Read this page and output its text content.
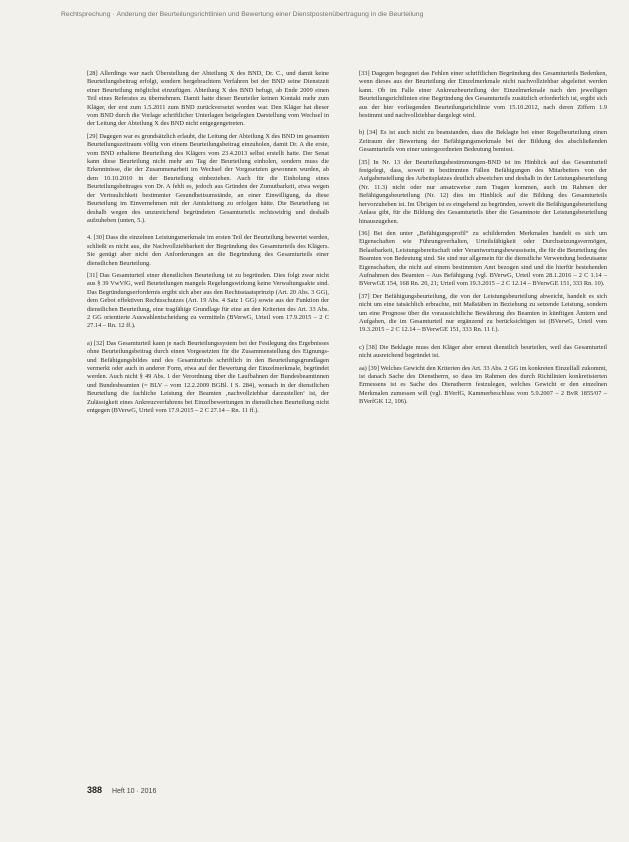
Rechtsprechung · Änderung der Beurteilungsrichtlinien und Bewertung einer Dienstpostenübertragung in die Beurteilung

[28] Allerdings war nach Überstellung der Abteilung X des BND, Dr. C., und damit keine Beurteilungsbeitrag erfolgt, sondern hergebrachtem Verfahren bei der BND seine Dienstzeit einer Beurteilung möglichst einzufügen. Abteilung X des BND befugt, ab Ende 2009 einen Teil eines Referates zu übernehmen. Damit hatte dieser Beurteiler keinen Kontakt mehr zum Kläger, der erst zum 1.5.2011 zum BND zurückversetzt worden war. Den Kläger hat dieser vom BND durch die Vorlage schriftlicher Unterlagen beigelegten Darstellung vom Wechsel in der Leitung der Abteilung X des BND nicht entgegengetreten.

[29] Dagegen war es grundsätzlich erlaubt, die Leitung der Abteilung X des BND im gesamten Beurteilungszeitraum völlig von einem Beurteilungsbeitrag einzuholen, damit Dr. A die erste, vom BND erhaltene Beurteilung des Klägers vom 23.4.2013 selbst erstellt hatte. Der Senat kann diese Beurteilung nicht mehr am Tag der Beurteilung einholen, sondern muss die Erkenntnisse, die der Zusammenarbeit im Wechsel der Vorgesetzten gewonnen wurden, ab dem 10.10.2010 in der Beurteilung einbeziehen. Auch für die Einholung eines Beurteilungsbeitrages von Dr. A fehlt es, jedoch aus Gründen der Zumutbarkeit, etwa wegen der Vertraulichkeit bestimmter Gesundheitsumstände, an einer Einwilligung, da diese Beurteilung im Einvernehmen mit der Amtsleitung zu erfolgen hätte. Die Beurteilung ist deshalb wegen des unzureichend begründeten Gesamturteils rechtswidrig und deshalb aufzuheben (unten, 5.).

4. [30] Dass die einzelnen Leistungsmerkmale im ersten Teil der Beurteilung bewertet werden, schließt es nicht aus, die Nachvollziehbarkeit der Begründung des Gesamturteils des Klägers. Sie genügt aber nicht den Anforderungen an die Begründung des Gesamturteils einer dienstlichen Beurteilung.

[31] Das Gesamturteil einer dienstlichen Beurteilung ist zu begründen. Dies folgt zwar nicht aus § 39 VwVfG, weil Beurteilungen mangels Regelungswirkung keine Verwaltungsakte sind. Das Begründungserfordernis ergibt sich aber aus den Rechtsstaatsprinzip (Art. 20 Abs. 3 GG), dem Gebot effektiven Rechtsschutzes (Art. 19 Abs. 4 Satz 1 GG) sowie aus der Funktion der dienstlichen Beurteilung, eine tragfähige Grundlage für eine an den Kriterien des Art. 33 Abs. 2 GG orientierte Auswahlentscheidung zu vermitteln (BVerwG, Urteil vom 17.9.2015 – 2 C 27.14 – Rn. 12 ff.).

a) [32] Das Gesamturteil kann je nach Beurteilungssystem bei der Festlegung des Ergebnisses ohne Beurteilungsbeitrag durch einen Vorgesetzten für die Zusammenstellung des Eignungs- und Befähigungsbildes und des Gesamturteils schriftlich in den Beurteilungsgrundlagen vermerkt oder auch in anderer Form, etwa auf der Bewertung der Einzelmerkmale, begründet werden. Auch nicht § 49 Abs. 1 der Verordnung über die Laufbahnen der Bundesbeamtinnen und Bundesbeamten (= BLV – vom 12.2.2009 BGBl. I S. 284), wonach in der dienstlichen Beurteilung die fachliche Leistung der Beamten ‚nachvollziehbar darzustellen‘ ist, der Zulässigkeit eines Ankreuzverfahrens bei Einzelbewertungen in dienstlichen Beurteilung nicht entgegen (BVerwG, Urteil vom 17.9.2015 – 2 C 27.14 – Rn. 11 ff.).

[33] Dagegen begegnet das Fehlen einer schriftlichen Begründung des Gesamturteils Bedenken, wenn dieses aus der Beurteilung der Einzelmerkmale nicht nachvollziehbar abgeleitet werden kann. Ob im Falle einer Ankreuzbeurteilung der Einzelmerkmale nach den jeweiligen Beurteilungsrichtlinien eine Begründung des Gesamturteils zusätzlich erforderlich ist, ergibt sich aus der hier vorliegenden Beurteilungsrichtlinie vom 15.10.2012, nach deren Ziffern 1.9 bestimmt und nachvollziehbar dargelegt wird.

b) [34] Es ist auch nicht zu beanstanden, dass die Beklagte bei einer Regelbeurteilung einen Zeitraum der Bewertung der Befähigungsmerkmale bei der Bildung des abschließenden Gesamturteils von einer untergeordneten Bedeutung bemisst.

[35] In Nr. 13 der Beurteilungsbestimmungen-BND ist im Hinblick auf das Gesamturteil festgelegt, dass, soweit in bestimmten Fällen Befähigungen des Mitarbeiters von der Aufgabenstellung des Arbeitsplatzes deutlich abweichen und deshalb in der Leistungsbeurteilung (Nr. 11.3) nicht oder nur ansatzweise zum Tragen kommen, auch im Rahmen der Befähigungsbeurteilung (Nr. 12) dies im Hinblick auf die Bildung des Gesamturteils hervorzuheben ist. Im Übrigen ist es eingehend zu begründen, soweit die Befähigungsbeurteilung Anlass gibt, für die Bildung des Gesamturteils über die Gesamtnote der Leistungsbeurteilung hinauszugehen.

[36] Bei den unter „Befähigungsprofil“ zu schildernden Merkmalen handelt es sich um Eigenschaften wie Führungsverhalten, Urteilsfähigkeit oder Durchsetzungsvermögen, Belastbarkeit, Leistungsbereitschaft oder Verantwortungsbewusstsein, die für die Beurteilung des Beamten von Bedeutung sind. Sie sind nur allgemein für die dienstliche Verwendung bedeutsame Eigenschaften, die nicht auf einem bestimmten Amt bezogen sind und die hierfür bestehenden Aufnahmen des Beamten – Aus Befähigung (vgl. BVerwG, Urteil vom 28.1.2016 – 2 C 1.14 – BVerwGE 154, 168 Rn. 20, 21; Urteil vom 19.3.2015 – 2 C 12.14 – BVerwGE 151, 333 Rn. 10).

[37] Der Befähigungsbeurteilung, die von der Leistungsbeurteilung abweicht, handelt es sich nicht um eine tatsächlich erbrachte, mit Maßstäben in Beziehung zu setzende Leistung, sondern um eine Prognose über die voraussichtliche Bewährung des Beamten in künftigen Ämtern und Aufgaben, die im Gesamturteil nur ergänzend zu berücksichtigen ist (BVerwG, Urteil vom 19.3.2015 – 2 C 12.14 – BVerwGE 151, 333 Rn. 11 f.).

c) [38] Die Beklagte muss den Kläger aber erneut dienstlich beurteilen, weil das Gesamturteil nicht ausreichend begründet ist.

aa) [39] Welches Gewicht den Kriterien des Art. 33 Abs. 2 GG im konkreten Einzelfall zukommt, ist danach Sache des Dienstherrn, so dass im Rahmen des durch Richtlinien konkretisierten Ermessens ist es Sache des Dienstherrn festzulegen, welches Gewicht er den einzelnen Merkmalen zumessen will (vgl. BVerfG, Kammerbeschluss vom 5.9.2007 – 2 BvR 1855/07 – BVerfGK 12, 106).

388 Heft 10 · 2016
